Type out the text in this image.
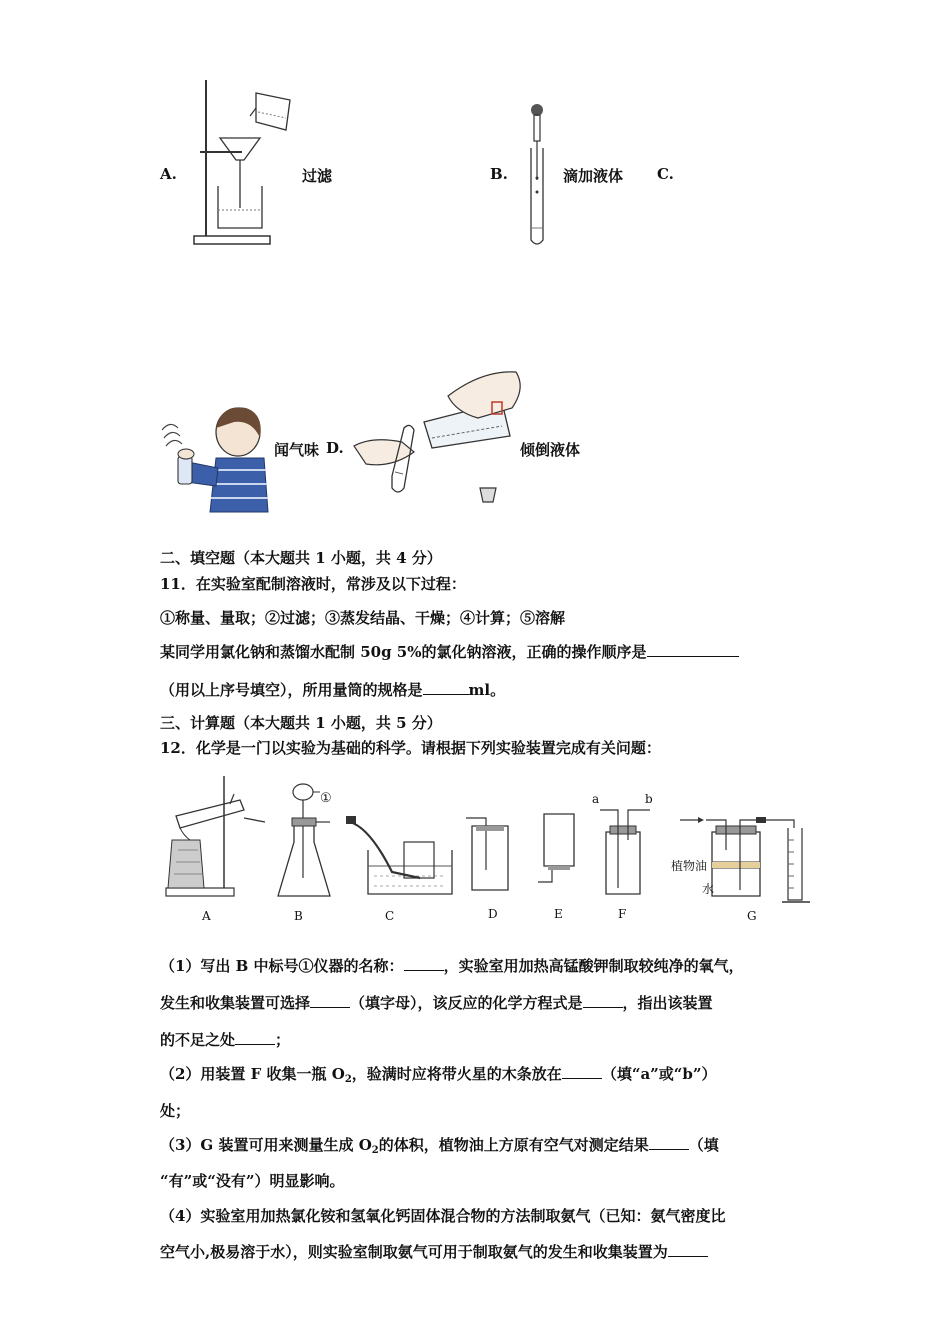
A.	过滤	B.	滴加液体 C.
闻气味 D.	倾倒液体
二、填空题（本大题共 1 小题，共 4 分）
11．在实验室配制溶液时，常涉及以下过程：
①称量、量取；②过滤；③蒸发结晶、干燥；④计算；⑤溶解
某同学用氯化钠和蒸馏水配制 50g 5%的氯化钠溶液，正确的操作顺序是
（用以上序号填空），所用量筒的规格是	ml。
三、计算题（本大题共 1 小题，共 5 分）
12．化学是一门以实验为基础的科学。请根据下列实验装置完成有关问题：
①	a	b
植物油
水
A	B	C	D	E	F	G
（1）写出 B 中标号①仪器的名称：	，实验室用加热高锰酸钾制取较纯净的氧气，
发生和收集装置可选择	（填字母），该反应的化学方程式是	，指出该装置
的不足之处	；
（2）用装置 F 收集一瓶 $O_2$，验满时应将带火星的木条放在	（填“a”或“b”）
处；
（3）G 装置可用来测量生成 $O_2$的体积，植物油上方原有空气对测定结果	（填
“有”或“没有”）明显影响。
（4）实验室用加热氯化铵和氢氧化钙固体混合物的方法制取氨气（已知：氨气密度比
空气小,极易溶于水），则实验室制取氨气可用于制取氨气的发生和收集装置为
